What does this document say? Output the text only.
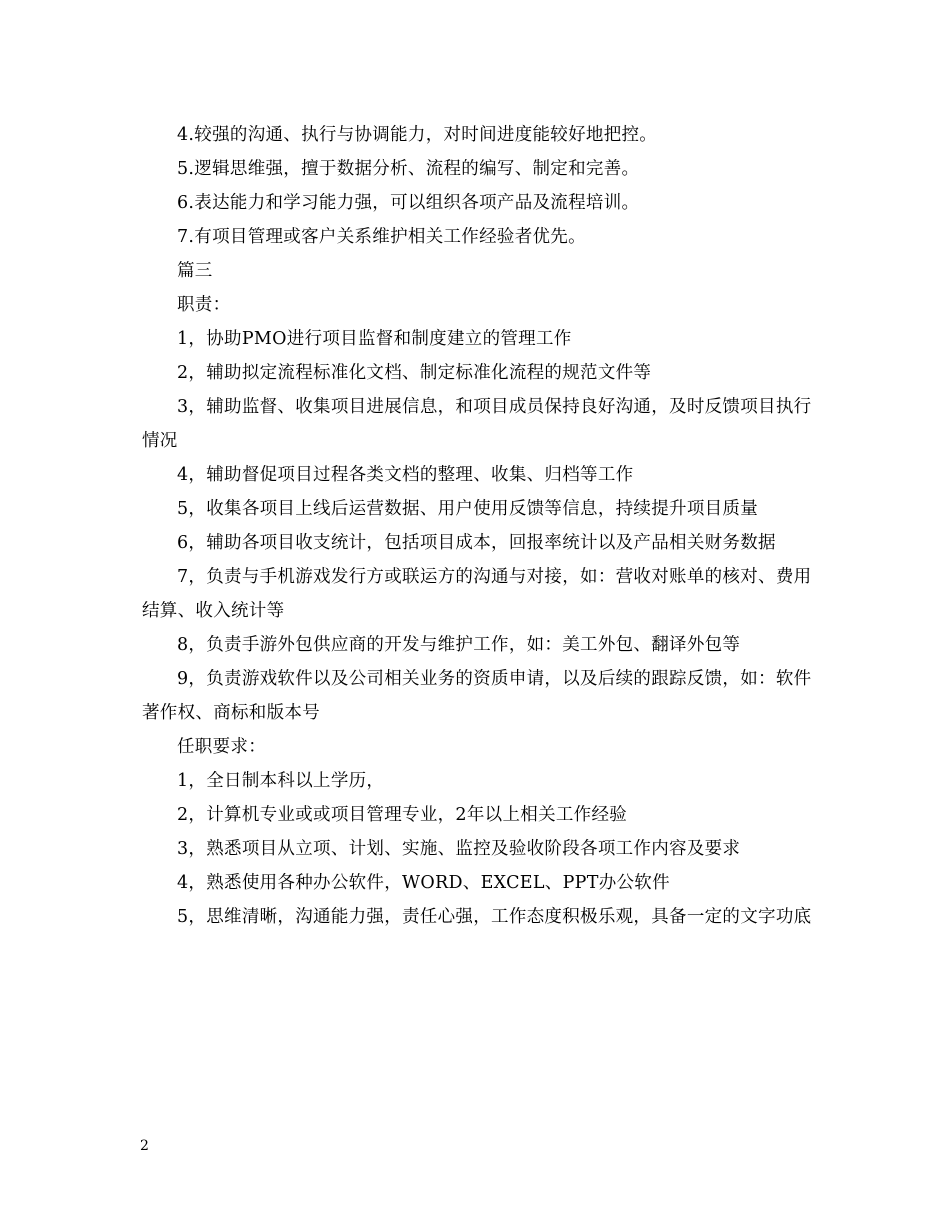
4.较强的沟通、执行与协调能力，对时间进度能较好地把控。

5.逻辑思维强，擅于数据分析、流程的编写、制定和完善。

6.表达能力和学习能力强，可以组织各项产品及流程培训。

7.有项目管理或客户关系维护相关工作经验者优先。

篇三

职责：

1，协助PMO进行项目监督和制度建立的管理工作

2，辅助拟定流程标准化文档、制定标准化流程的规范文件等

3，辅助监督、收集项目进展信息，和项目成员保持良好沟通，及时反馈项目执行情况

4，辅助督促项目过程各类文档的整理、收集、归档等工作

5，收集各项目上线后运营数据、用户使用反馈等信息，持续提升项目质量

6，辅助各项目收支统计，包括项目成本，回报率统计以及产品相关财务数据

7，负责与手机游戏发行方或联运方的沟通与对接，如：营收对账单的核对、费用结算、收入统计等

8，负责手游外包供应商的开发与维护工作，如：美工外包、翻译外包等

9，负责游戏软件以及公司相关业务的资质申请，以及后续的跟踪反馈，如：软件著作权、商标和版本号

任职要求：

1，全日制本科以上学历，

2，计算机专业或或项目管理专业，2年以上相关工作经验

3，熟悉项目从立项、计划、实施、监控及验收阶段各项工作内容及要求

4，熟悉使用各种办公软件，WORD、EXCEL、PPT办公软件

5，思维清晰，沟通能力强，责任心强，工作态度积极乐观，具备一定的文字功底

2
